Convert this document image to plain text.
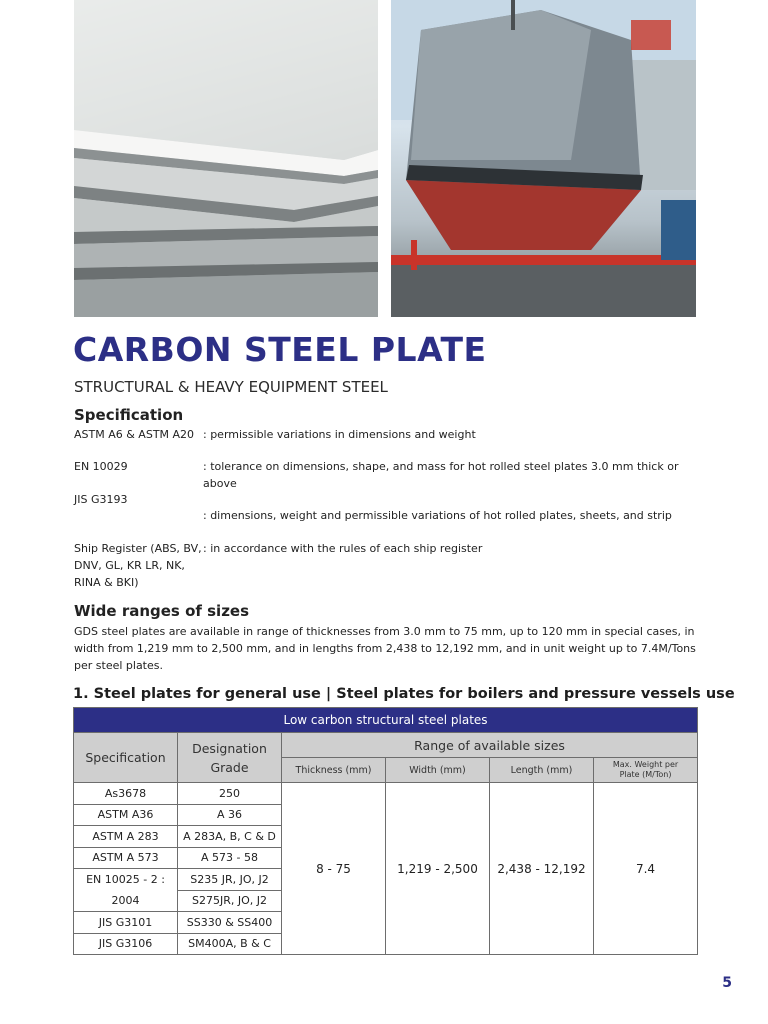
CARBON STEEL PLATE

STRUCTURAL & HEAVY EQUIPMENT STEEL

Specification
ASTM A6 & ASTM A20 : permissible variations in dimensions and weight
EN 10029	: tolerance on dimensions, shape, and mass for hot rolled steel plates 3.0 mm thick or above
JIS G3193
: dimensions, weight and permissible variations of hot rolled plates, sheets, and strip
Ship Register (ABS, BV, DNV, GL, KR LR, NK, RINA & BKI)
: in accordance with the rules of each ship register
Wide ranges of sizes

GDS steel plates are available in range of thicknesses from 3.0 mm to 75 mm, up to 120 mm in special cases, in width from 1,219 mm to 2,500 mm, and in lengths from 2,438 to 12,192 mm, and in unit weight up to 7.4M/Tons per steel plates.

1. Steel plates for general use | Steel plates for boilers and pressure vessels use
Low carbon structural steel plates					
Specification	Designation Grade	Range of available sizes			
		Thickness (mm)	Width (mm)	Length (mm)	Max. Weight per Plate (M/Ton)
As3678	250	8 - 75	1,219 - 2,500	2,438 - 12,192	7.4
ASTM A36	A 36				
ASTM A 283	A 283A, B, C & D				
ASTM A 573	A 573 - 58				
EN 10025 - 2 :	S235 JR, JO, J2				
2004	S275JR, JO, J2				
JIS G3101	SS330 & SS400				
JIS G3106	SM400A, B & C				
5
